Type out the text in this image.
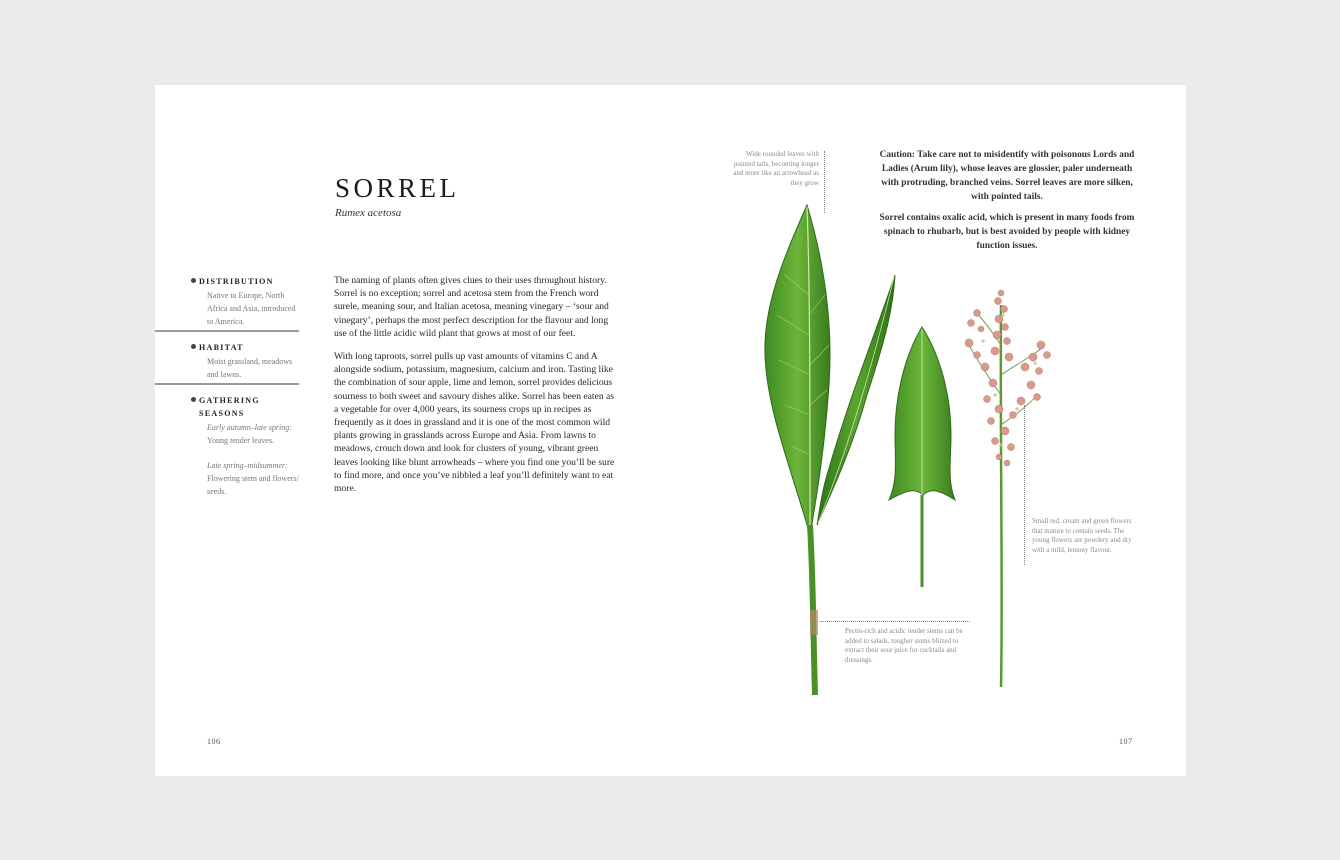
SORREL
Rumex acetosa
DISTRIBUTION
Native to Europe, North Africa and Asia, introduced to America.
HABITAT
Moist grassland, meadows and lawns.
GATHERING
SEASONS
Early autumn–late spring:
Young tender leaves.
Late spring–midsummer:
Flowering stem and flowers/ seeds.

The naming of plants often gives clues to their uses throughout history. Sorrel is no exception; sorrel and acetosa stem from the French word surele, meaning sour, and Italian acetosa, meaning vinegary – ‘sour and vinegary’, perhaps the most perfect description for the flavour and long use of the little acidic wild plant that grows at most of our feet.

With long taproots, sorrel pulls up vast amounts of vitamins C and A alongside sodium, potassium, magnesium, calcium and iron. Tasting like the combination of sour apple, lime and lemon, sorrel provides delicious sourness to both sweet and savoury dishes alike. Sorrel has been eaten as a vegetable for over 4,000 years, its sourness crops up in recipes as frequently as it does in grassland and it is one of the most common wild plants growing in grasslands across Europe and Asia. From lawns to meadows, crouch down and look for clusters of young, vibrant green leaves looking like blunt arrowheads – where you find one you’ll be sure to find more, and once you’ve nibbled a leaf you’ll definitely want to eat more.

106

Caution: Take care not to misidentify with poisonous Lords and Ladies (Arum lily), whose leaves are glossier, paler underneath with protruding, branched veins. Sorrel leaves are more silken, with pointed tails.

Sorrel contains oxalic acid, which is present in many foods from spinach to rhubarb, but is best avoided by people with kidney function issues.

Wide rounded leaves with pointed tails, becoming longer and more like an arrowhead as they grow
Small red, cream and green flowers that mature to contain seeds. The young flowers are powdery and dry with a mild, lemony flavour.
Pectin-rich and acidic tender stems can be added to salads, tougher stems blitzed to extract their sour juice for cocktails and dressings.
107
